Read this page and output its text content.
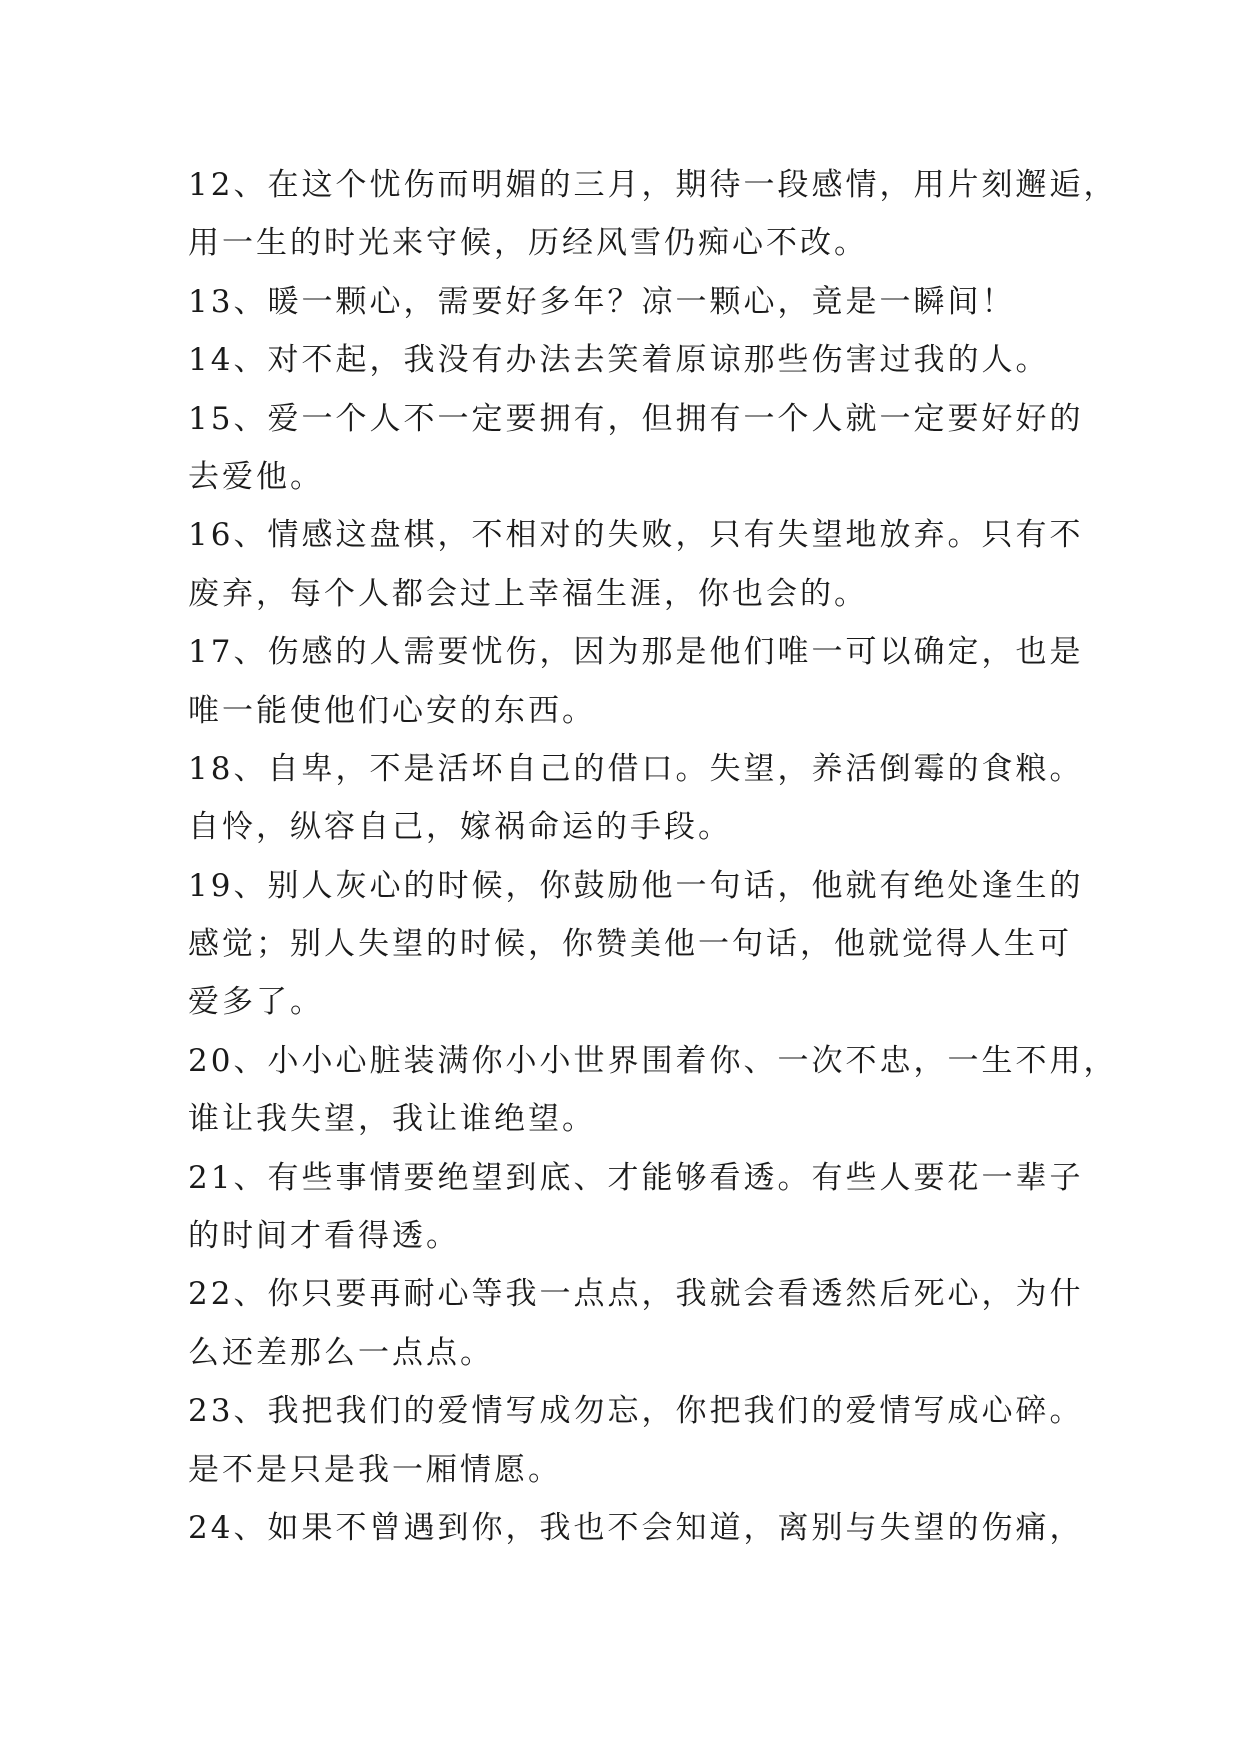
12、在这个忧伤而明媚的三月，期待一段感情，用片刻邂逅，
用一生的时光来守候，历经风雪仍痴心不改。
13、暖一颗心，需要好多年？凉一颗心，竟是一瞬间！
14、对不起，我没有办法去笑着原谅那些伤害过我的人。
15、爱一个人不一定要拥有，但拥有一个人就一定要好好的
去爱他。
16、情感这盘棋，不相对的失败，只有失望地放弃。只有不
废弃，每个人都会过上幸福生涯，你也会的。
17、伤感的人需要忧伤，因为那是他们唯一可以确定，也是
唯一能使他们心安的东西。
18、自卑，不是活坏自己的借口。失望，养活倒霉的食粮。
自怜，纵容自己，嫁祸命运的手段。
19、别人灰心的时候，你鼓励他一句话，他就有绝处逢生的
感觉；别人失望的时候，你赞美他一句话，他就觉得人生可
爱多了。
20、小小心脏装满你小小世界围着你、一次不忠，一生不用，
谁让我失望，我让谁绝望。
21、有些事情要绝望到底、才能够看透。有些人要花一辈子
的时间才看得透。
22、你只要再耐心等我一点点，我就会看透然后死心，为什
么还差那么一点点。
23、我把我们的爱情写成勿忘，你把我们的爱情写成心碎。
是不是只是我一厢情愿。
24、如果不曾遇到你，我也不会知道，离别与失望的伤痛，
